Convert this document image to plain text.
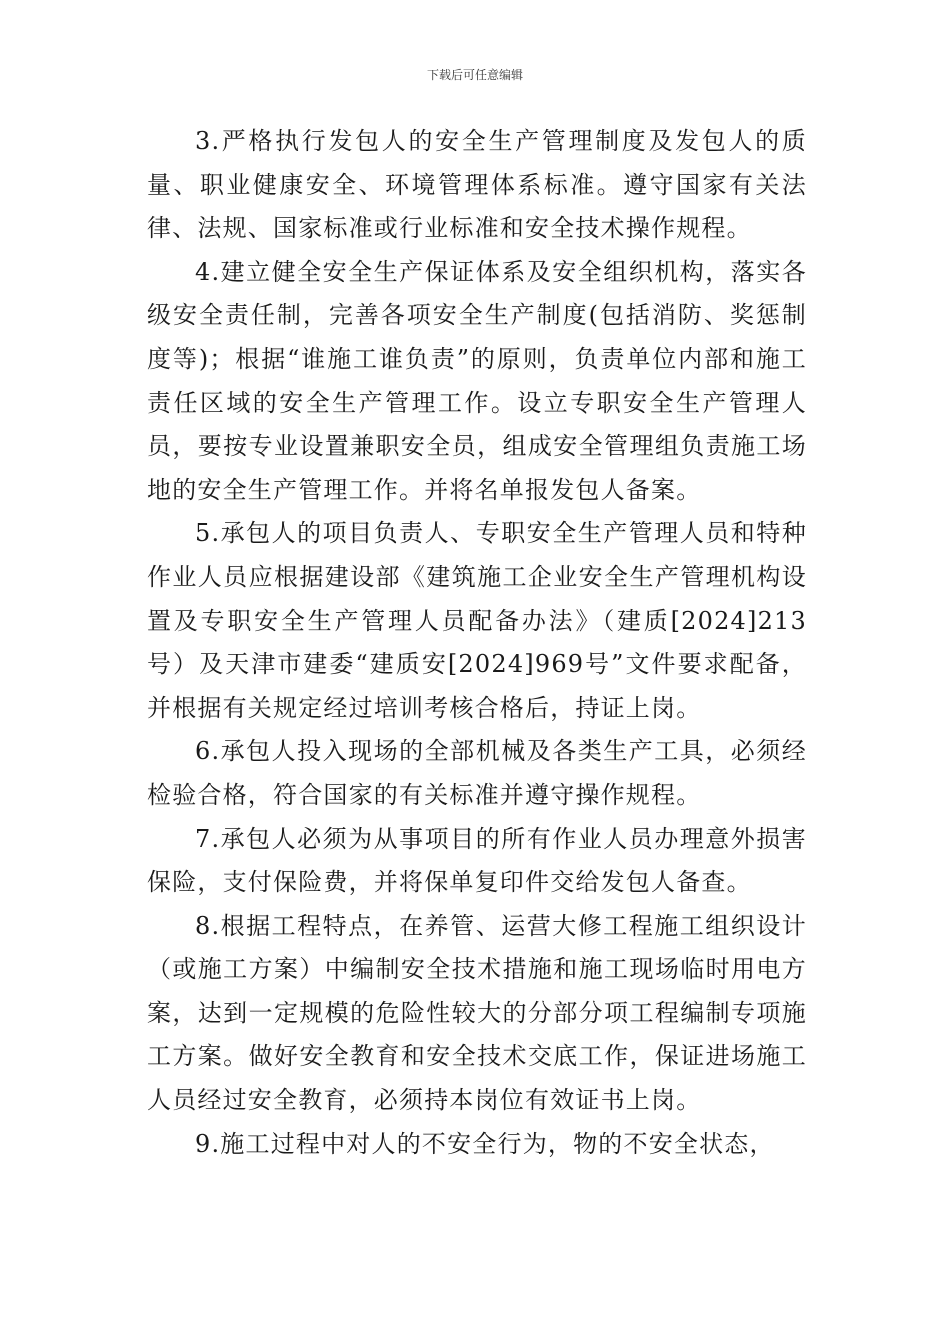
下载后可任意编辑

3.严格执行发包人的安全生产管理制度及发包人的质量、职业健康安全、环境管理体系标准。遵守国家有关法律、法规、国家标准或行业标准和安全技术操作规程。

4.建立健全安全生产保证体系及安全组织机构，落实各级安全责任制，完善各项安全生产制度(包括消防、奖惩制度等)；根据“谁施工谁负责”的原则，负责单位内部和施工责任区域的安全生产管理工作。设立专职安全生产管理人员，要按专业设置兼职安全员，组成安全管理组负责施工场地的安全生产管理工作。并将名单报发包人备案。

5.承包人的项目负责人、专职安全生产管理人员和特种作业人员应根据建设部《建筑施工企业安全生产管理机构设置及专职安全生产管理人员配备办法》（建质[2024]213号）及天津市建委“建质安[2024]969号”文件要求配备，并根据有关规定经过培训考核合格后，持证上岗。

6.承包人投入现场的全部机械及各类生产工具，必须经检验合格，符合国家的有关标准并遵守操作规程。

7.承包人必须为从事项目的所有作业人员办理意外损害保险，支付保险费，并将保单复印件交给发包人备查。

8.根据工程特点，在养管、运营大修工程施工组织设计（或施工方案）中编制安全技术措施和施工现场临时用电方案，达到一定规模的危险性较大的分部分项工程编制专项施工方案。做好安全教育和安全技术交底工作，保证进场施工人员经过安全教育，必须持本岗位有效证书上岗。

9.施工过程中对人的不安全行为，物的不安全状态，
